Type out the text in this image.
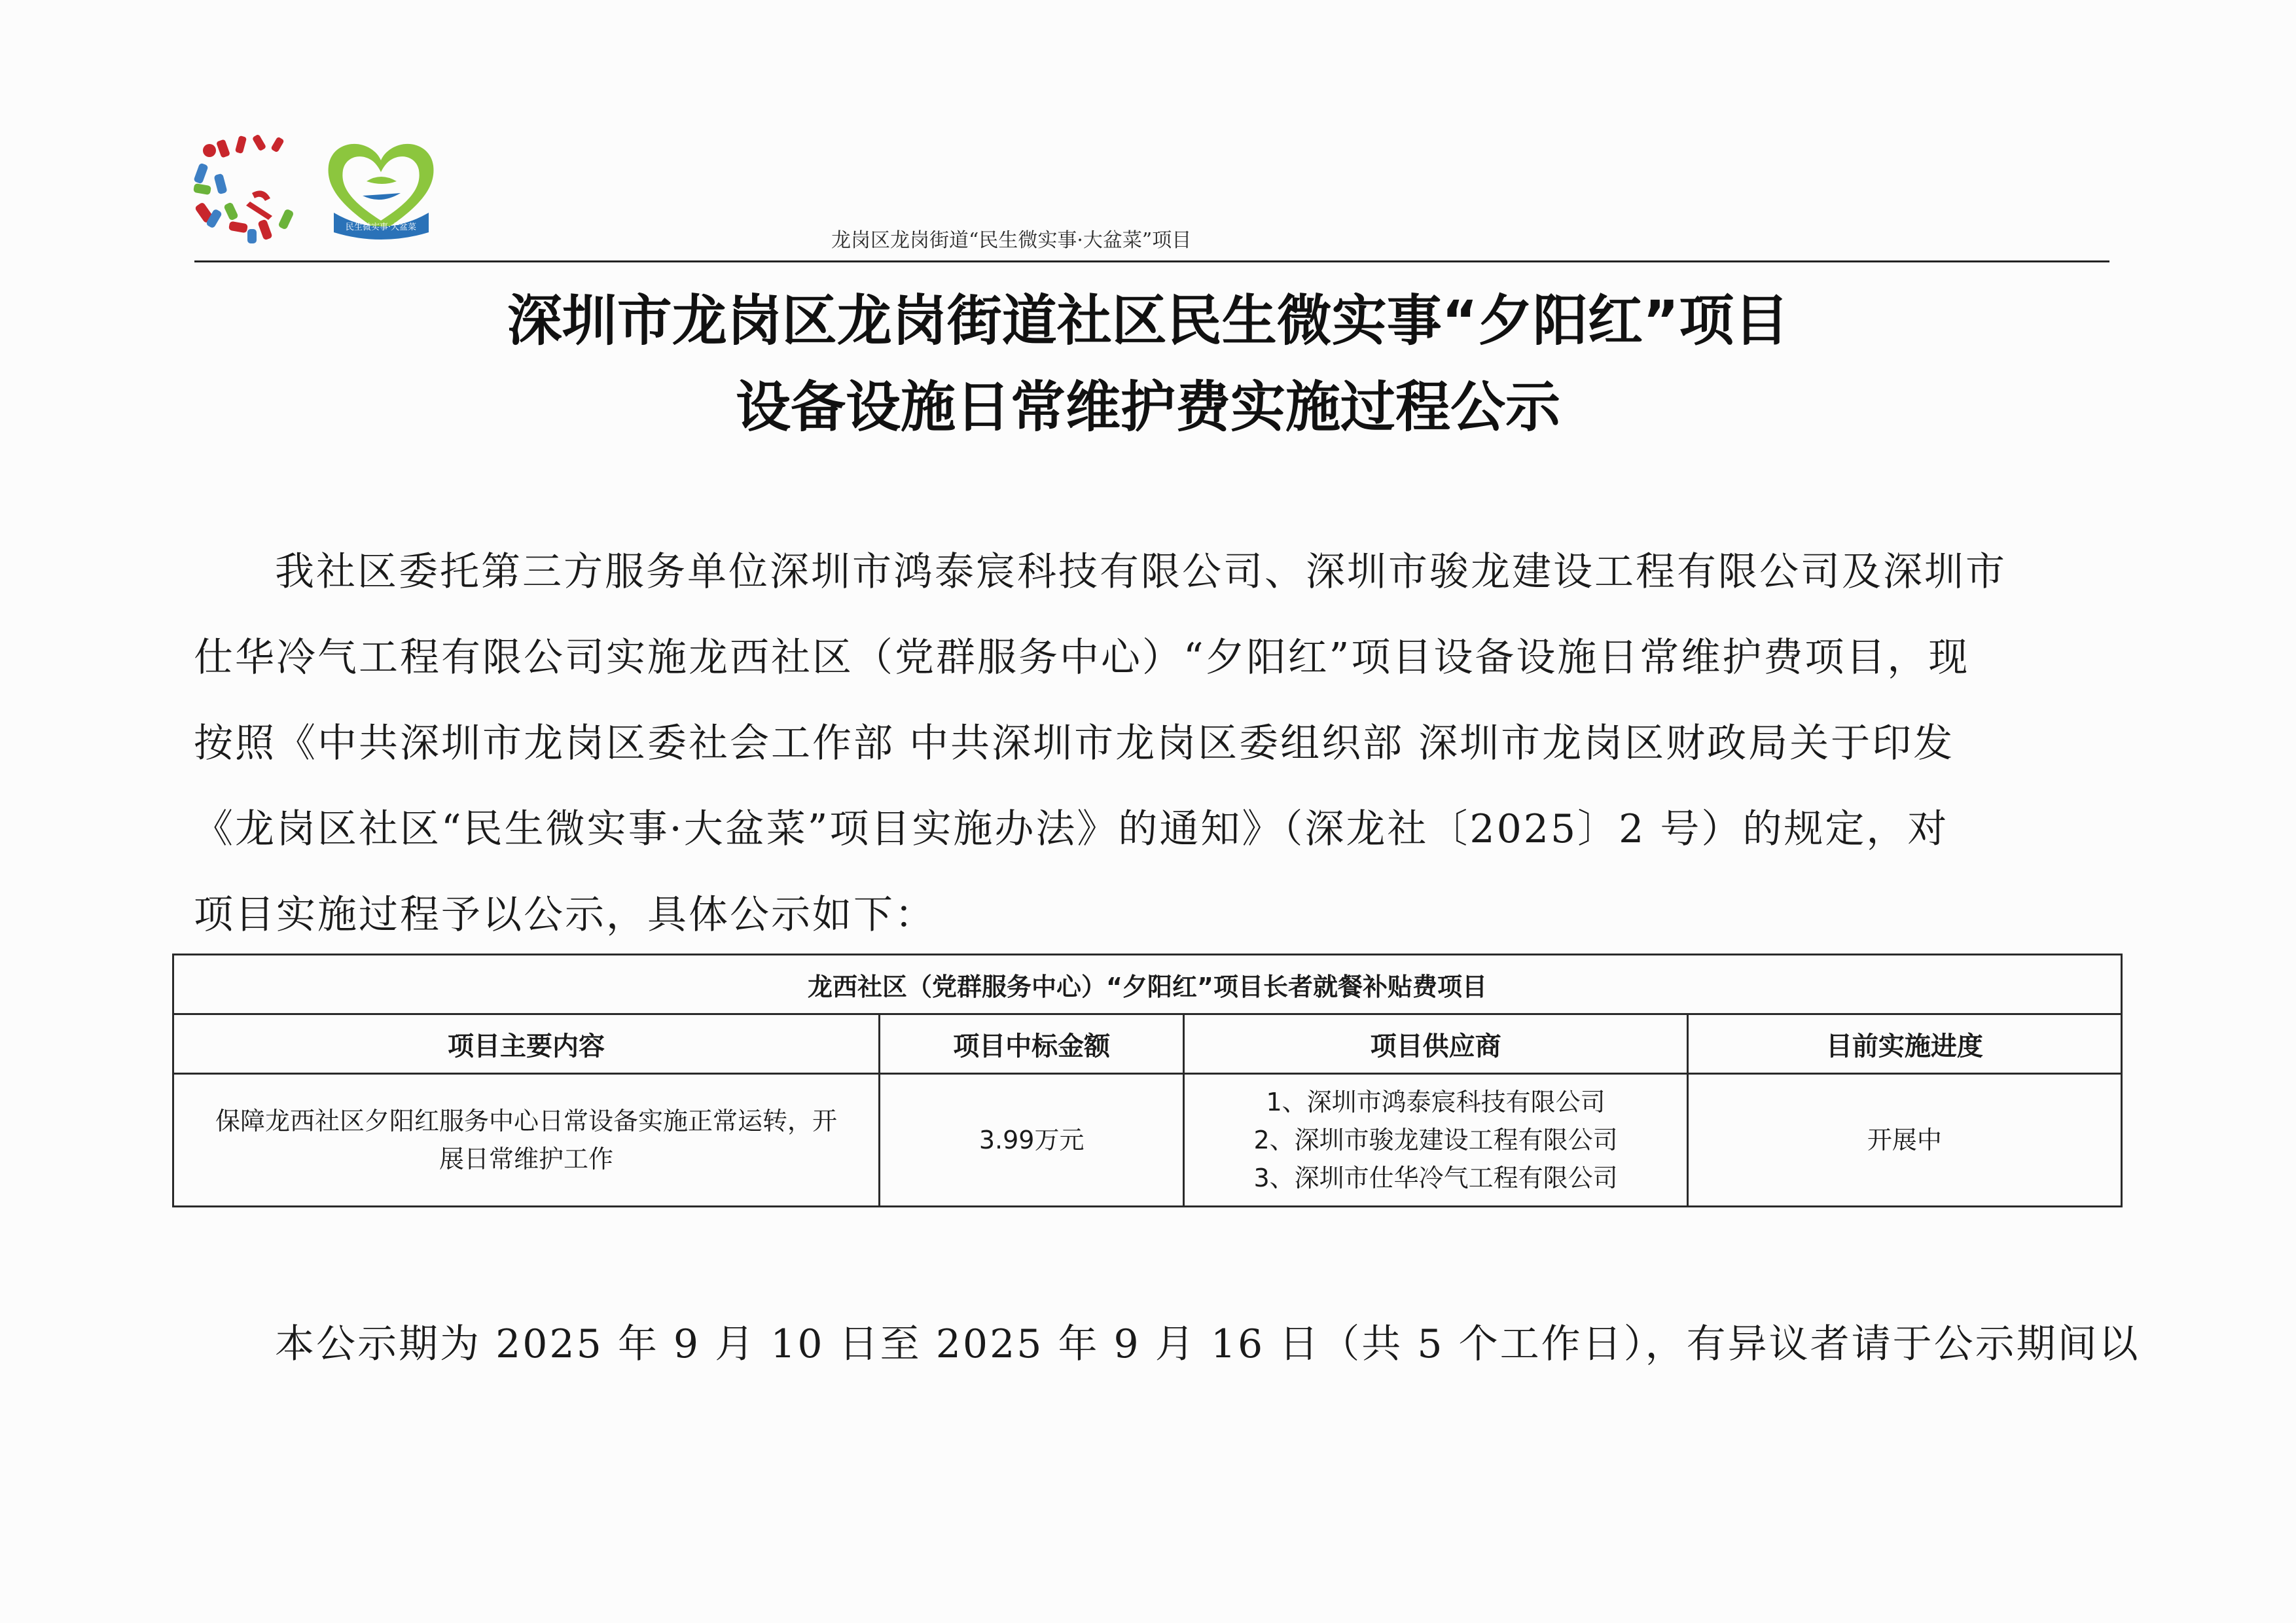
民生微实事·大盆菜
龙岗区龙岗街道“民生微实事·大盆菜”项目
深圳市龙岗区龙岗街道社区民生微实事“夕阳红”项目
设备设施日常维护费实施过程公示
我社区委托第三方服务单位深圳市鸿泰宸科技有限公司、深圳市骏龙建设工程有限公司及深圳市
仕华冷气工程有限公司实施龙西社区（党群服务中心）“夕阳红”项目设备设施日常维护费项目，现
按照《中共深圳市龙岗区委社会工作部 中共深圳市龙岗区委组织部 深圳市龙岗区财政局关于印发
《龙岗区社区“民生微实事·大盆菜”项目实施办法》的通知》（深龙社〔2025〕2 号）的规定，对
项目实施过程予以公示，具体公示如下：
龙西社区（党群服务中心）“夕阳红”项目长者就餐补贴费项目			
项目主要内容	项目中标金额	项目供应商	目前实施进度
保障龙西社区夕阳红服务中心日常设备实施正常运转，开展日常维护工作	3.99万元	1、深圳市鸿泰宸科技有限公司
2、深圳市骏龙建设工程有限公司
3、深圳市仕华冷气工程有限公司	开展中
本公示期为 2025 年 9 月 10 日至 2025 年 9 月 16 日（共 5 个工作日），有异议者请于公示期间以
